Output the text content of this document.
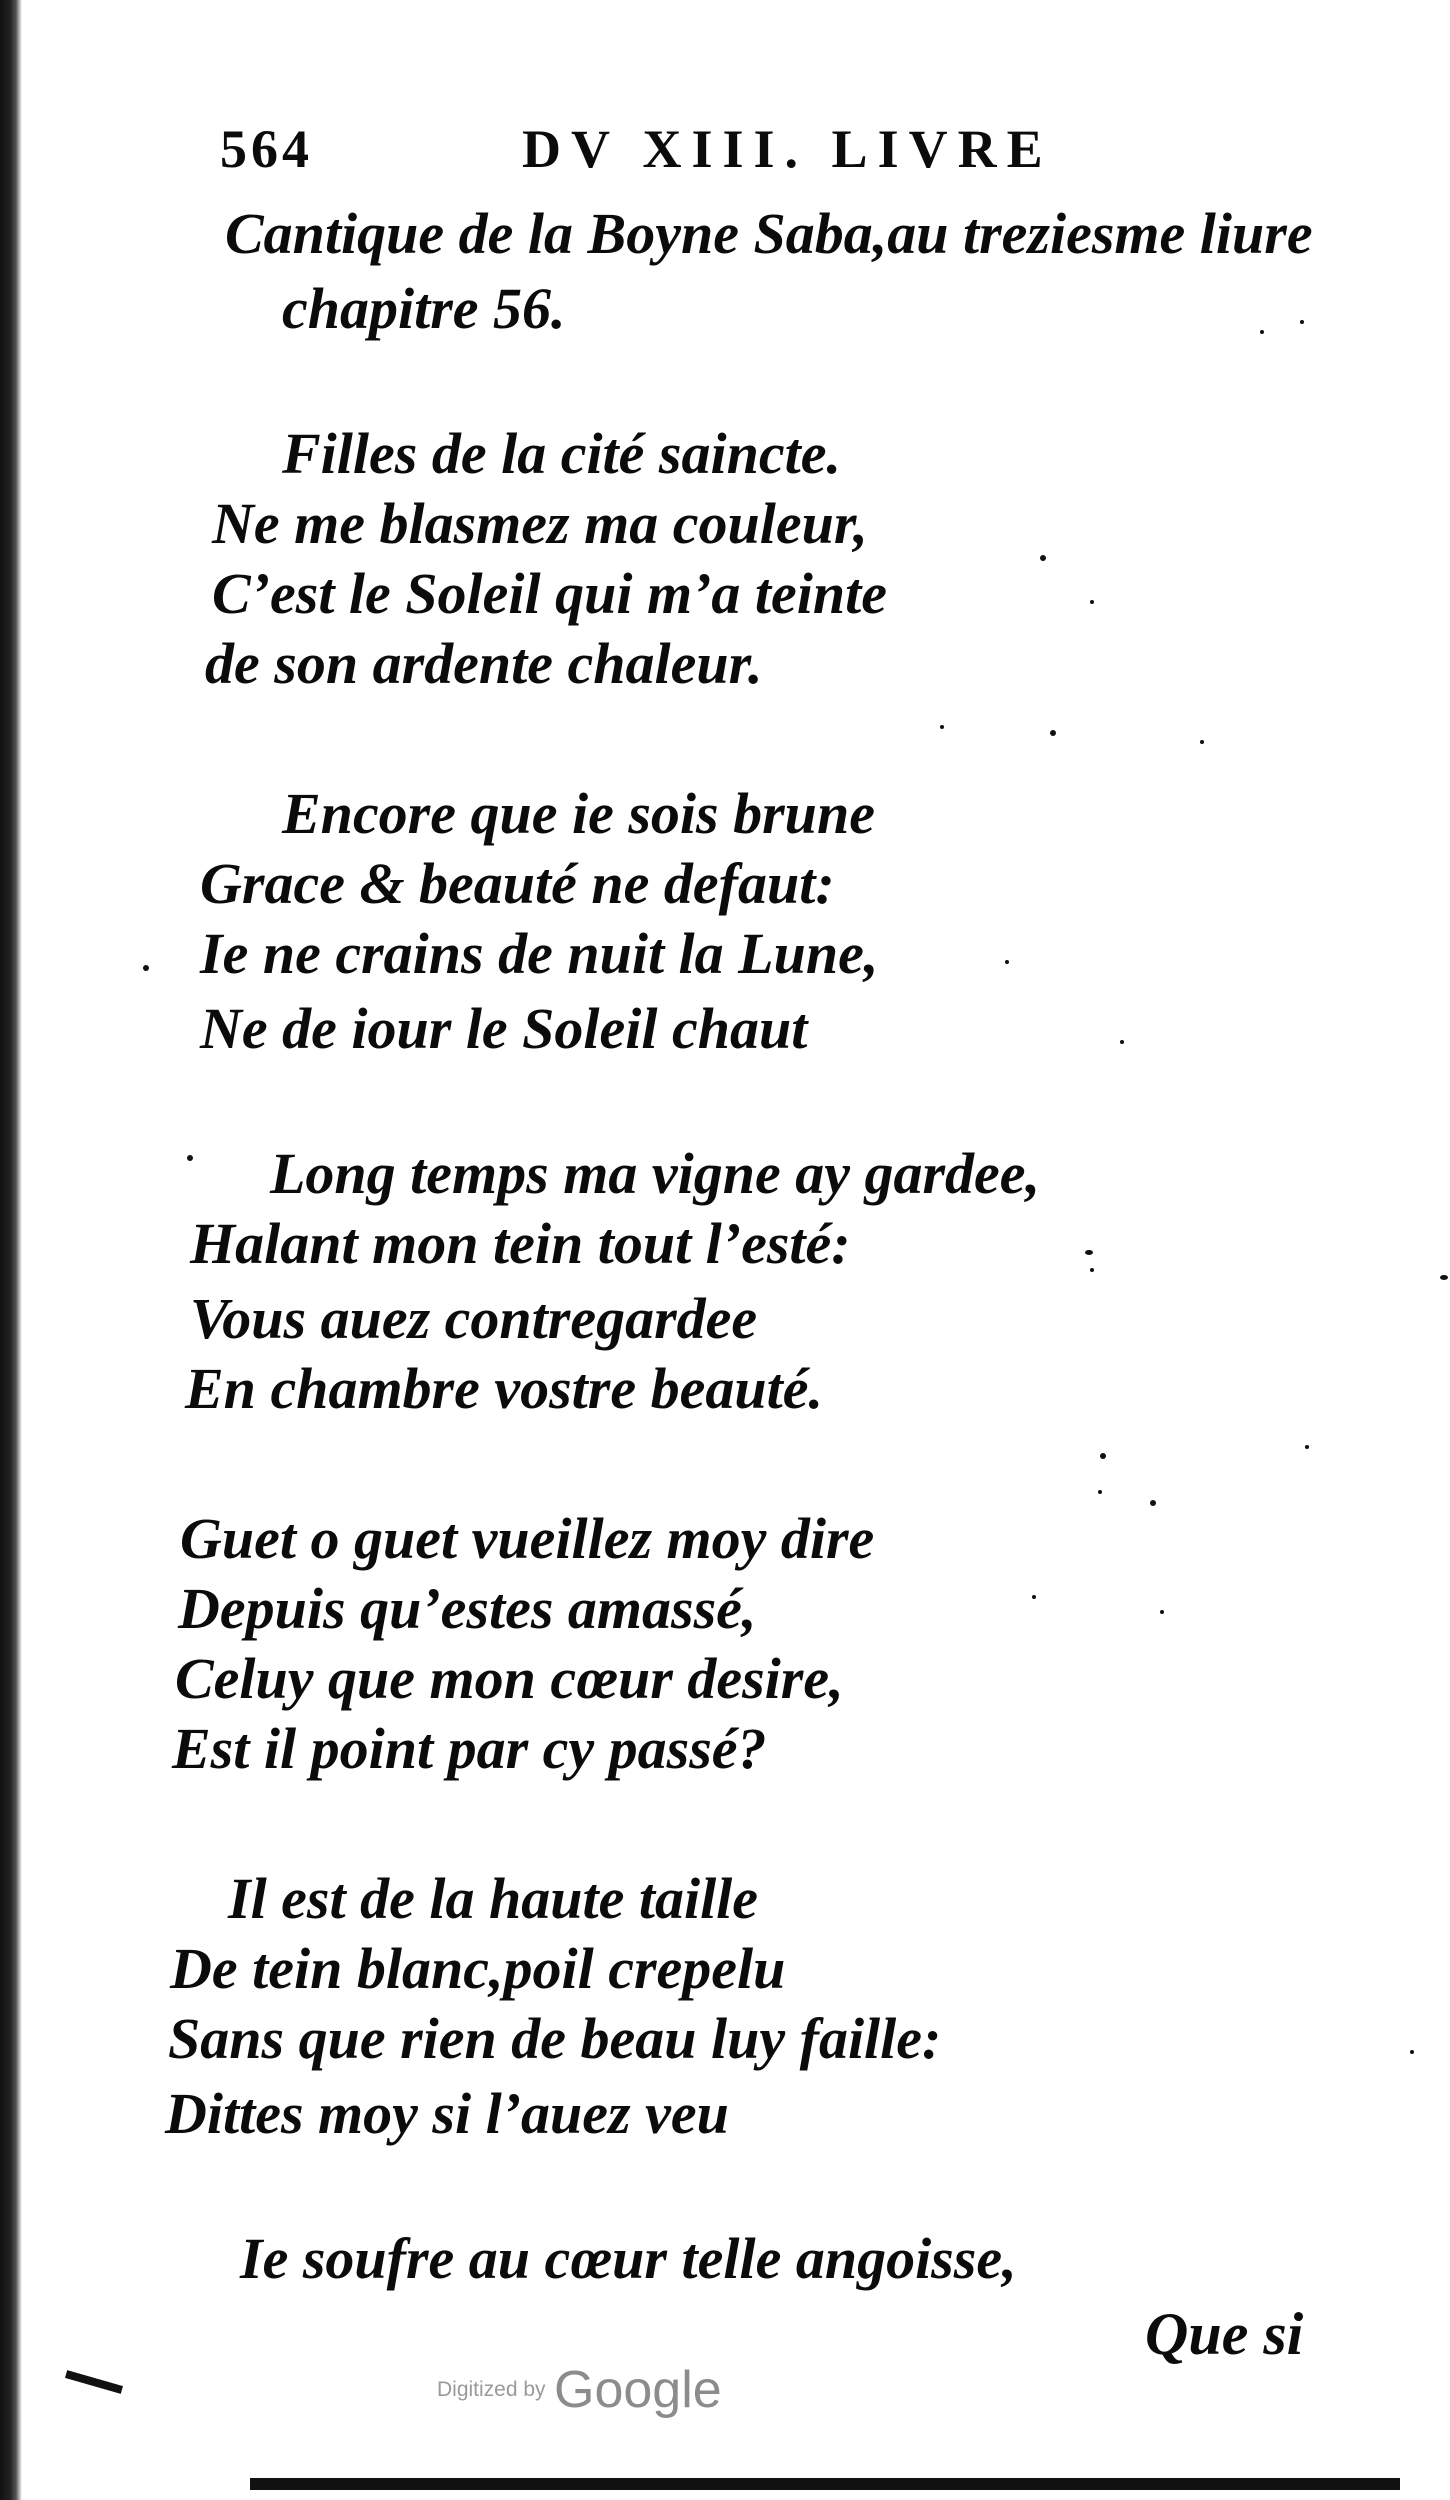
564	DV XIII. LIVRE
Cantique de la Boyne Saba,au treziesme liure
chapitre 56.
Filles de la cité saincte.
Ne me blasmez ma couleur,
C’est le Soleil qui m’a teinte
de son ardente chaleur.
Encore que ie sois brune
Grace & beauté ne defaut:
Ie ne crains de nuit la Lune,
Ne de iour le Soleil chaut
Long temps ma vigne ay gardee,
Halant mon tein tout l’esté:
Vous auez contregardee
En chambre vostre beauté.
Guet o guet vueillez moy dire
Depuis qu’estes amassé,
Celuy que mon cœur desire,
Est il point par cy passé?
Il est de la haute taille
De tein blanc,poil crepelu
Sans que rien de beau luy faille:
Dittes moy si l’auez veu
Ie soufre au cœur telle angoisse,
Que si
Digitized by Google
